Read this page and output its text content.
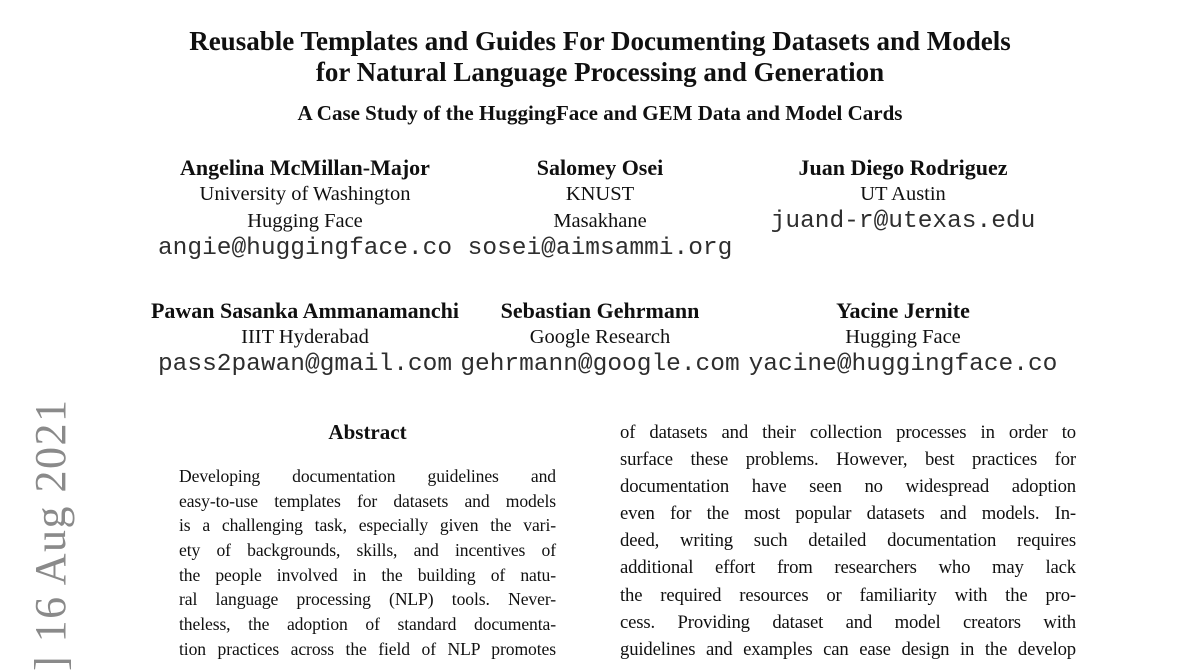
] 16 Aug 2021
Reusable Templates and Guides For Documenting Datasets and Models
for Natural Language Processing and Generation
A Case Study of the HuggingFace and GEM Data and Model Cards
Angelina McMillan-Major
University of Washington
Hugging Face
angie@huggingface.co
Salomey Osei
KNUST
Masakhane
sosei@aimsammi.org
Juan Diego Rodriguez
UT Austin
juand-r@utexas.edu
Pawan Sasanka Ammanamanchi
IIIT Hyderabad
pass2pawan@gmail.com
Sebastian Gehrmann
Google Research
gehrmann@google.com
Yacine Jernite
Hugging Face
yacine@huggingface.co
Abstract
Developing documentation guidelines and
easy-to-use templates for datasets and models
is a challenging task, especially given the vari-
ety of backgrounds, skills, and incentives of
the people involved in the building of natu-
ral language processing (NLP) tools. Never-
theless, the adoption of standard documenta-
tion practices across the field of NLP promotes
of datasets and their collection processes in order to
surface these problems. However, best practices for
documentation have seen no widespread adoption
even for the most popular datasets and models. In-
deed, writing such detailed documentation requires
additional effort from researchers who may lack
the required resources or familiarity with the pro-
cess. Providing dataset and model creators with
guidelines and examples can ease design in the develop
